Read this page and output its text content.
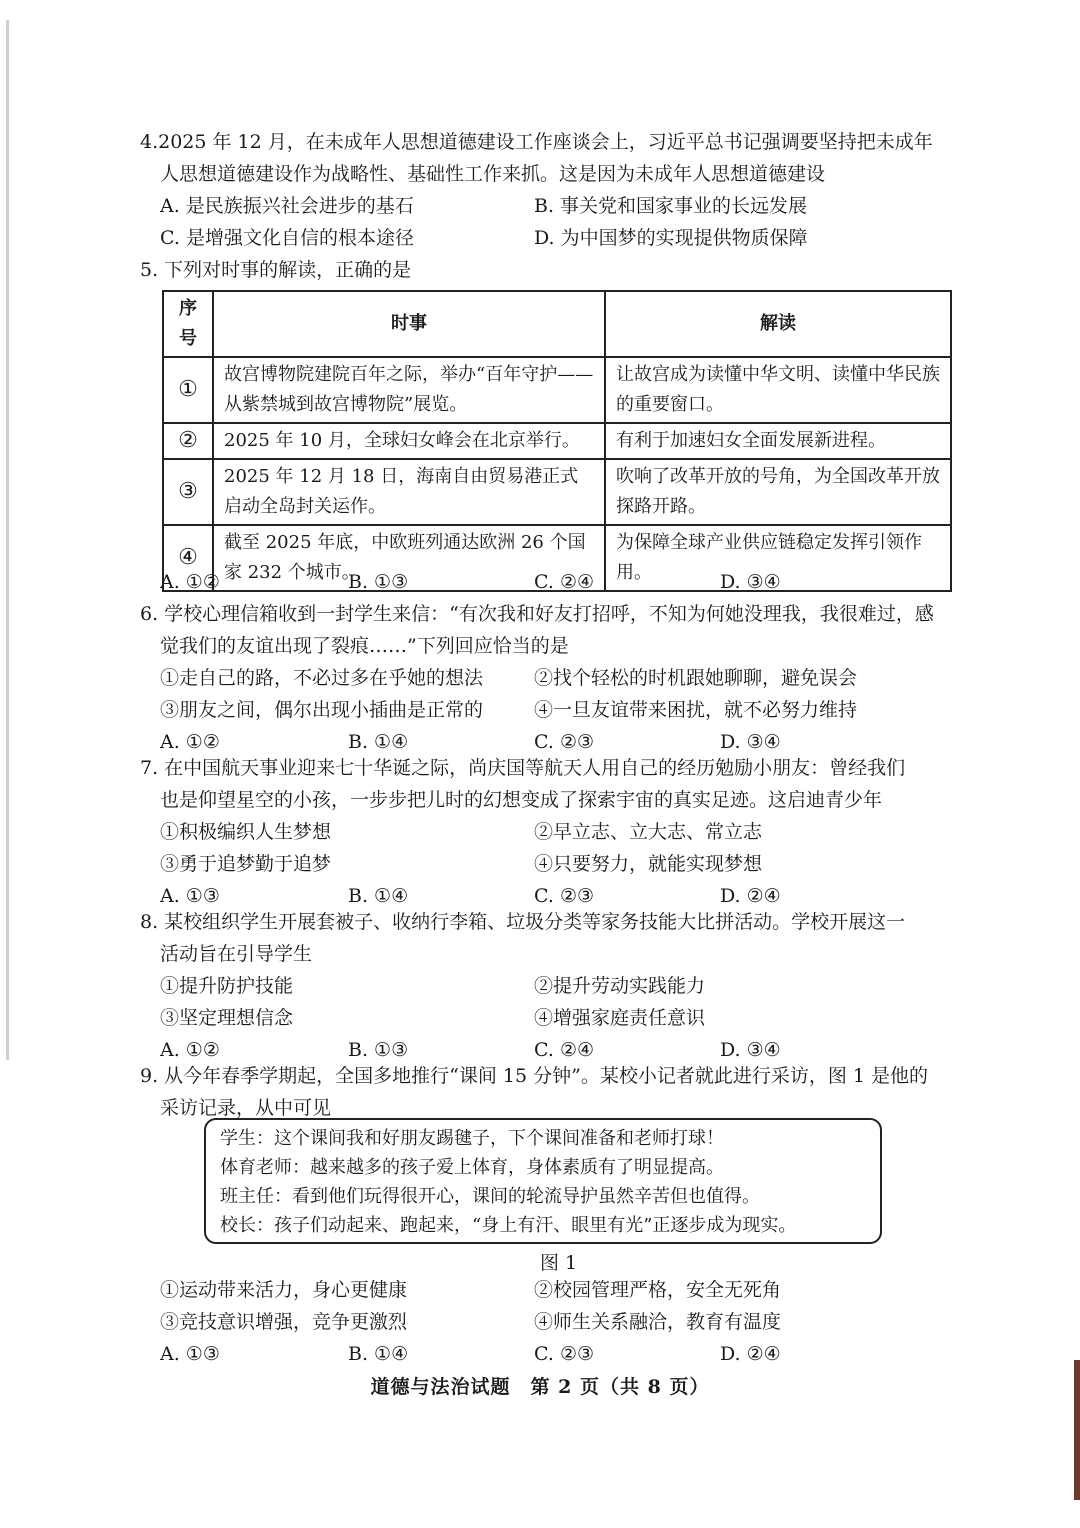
4.2025 年 12 月，在未成年人思想道德建设工作座谈会上，习近平总书记强调要坚持把未成年
人思想道德建设作为战略性、基础性工作来抓。这是因为未成年人思想道德建设
A. 是民族振兴社会进步的基石	B. 事关党和国家事业的长远发展
C. 是增强文化自信的根本途径	D. 为中国梦的实现提供物质保障
5. 下列对时事的解读，正确的是
序号	时事	解读
①	故宫博物院建院百年之际，举办“百年守护——从紫禁城到故宫博物院”展览。	让故宫成为读懂中华文明、读懂中华民族的重要窗口。
②	2025 年 10 月，全球妇女峰会在北京举行。	有利于加速妇女全面发展新进程。
③	2025 年 12 月 18 日，海南自由贸易港正式启动全岛封关运作。	吹响了改革开放的号角，为全国改革开放探路开路。
④	截至 2025 年底，中欧班列通达欧洲 26 个国家 232 个城市。	为保障全球产业供应链稳定发挥引领作用。
A. ①②	B. ①③	C. ②④	D. ③④
6. 学校心理信箱收到一封学生来信：“有次我和好友打招呼，不知为何她没理我，我很难过，感
觉我们的友谊出现了裂痕……”下列回应恰当的是
①走自己的路，不必过多在乎她的想法	②找个轻松的时机跟她聊聊，避免误会
③朋友之间，偶尔出现小插曲是正常的	④一旦友谊带来困扰，就不必努力维持
A. ①②	B. ①④	C. ②③	D. ③④
7. 在中国航天事业迎来七十华诞之际，尚庆国等航天人用自己的经历勉励小朋友：曾经我们
也是仰望星空的小孩，一步步把儿时的幻想变成了探索宇宙的真实足迹。这启迪青少年
①积极编织人生梦想	②早立志、立大志、常立志
③勇于追梦勤于追梦	④只要努力，就能实现梦想
A. ①③	B. ①④	C. ②③	D. ②④
8. 某校组织学生开展套被子、收纳行李箱、垃圾分类等家务技能大比拼活动。学校开展这一
活动旨在引导学生
①提升防护技能	②提升劳动实践能力
③坚定理想信念	④增强家庭责任意识
A. ①②	B. ①③	C. ②④	D. ③④
9. 从今年春季学期起，全国多地推行“课间 15 分钟”。某校小记者就此进行采访，图 1 是他的
采访记录，从中可见
学生：这个课间我和好朋友踢毽子，下个课间准备和老师打球！
体育老师：越来越多的孩子爱上体育，身体素质有了明显提高。
班主任：看到他们玩得很开心，课间的轮流导护虽然辛苦但也值得。
校长：孩子们动起来、跑起来，“身上有汗、眼里有光”正逐步成为现实。
图 1
①运动带来活力，身心更健康	②校园管理严格，安全无死角
③竞技意识增强，竞争更激烈	④师生关系融洽，教育有温度
A. ①③	B. ①④	C. ②③	D. ②④
道德与法治试题　第 2 页（共 8 页）
